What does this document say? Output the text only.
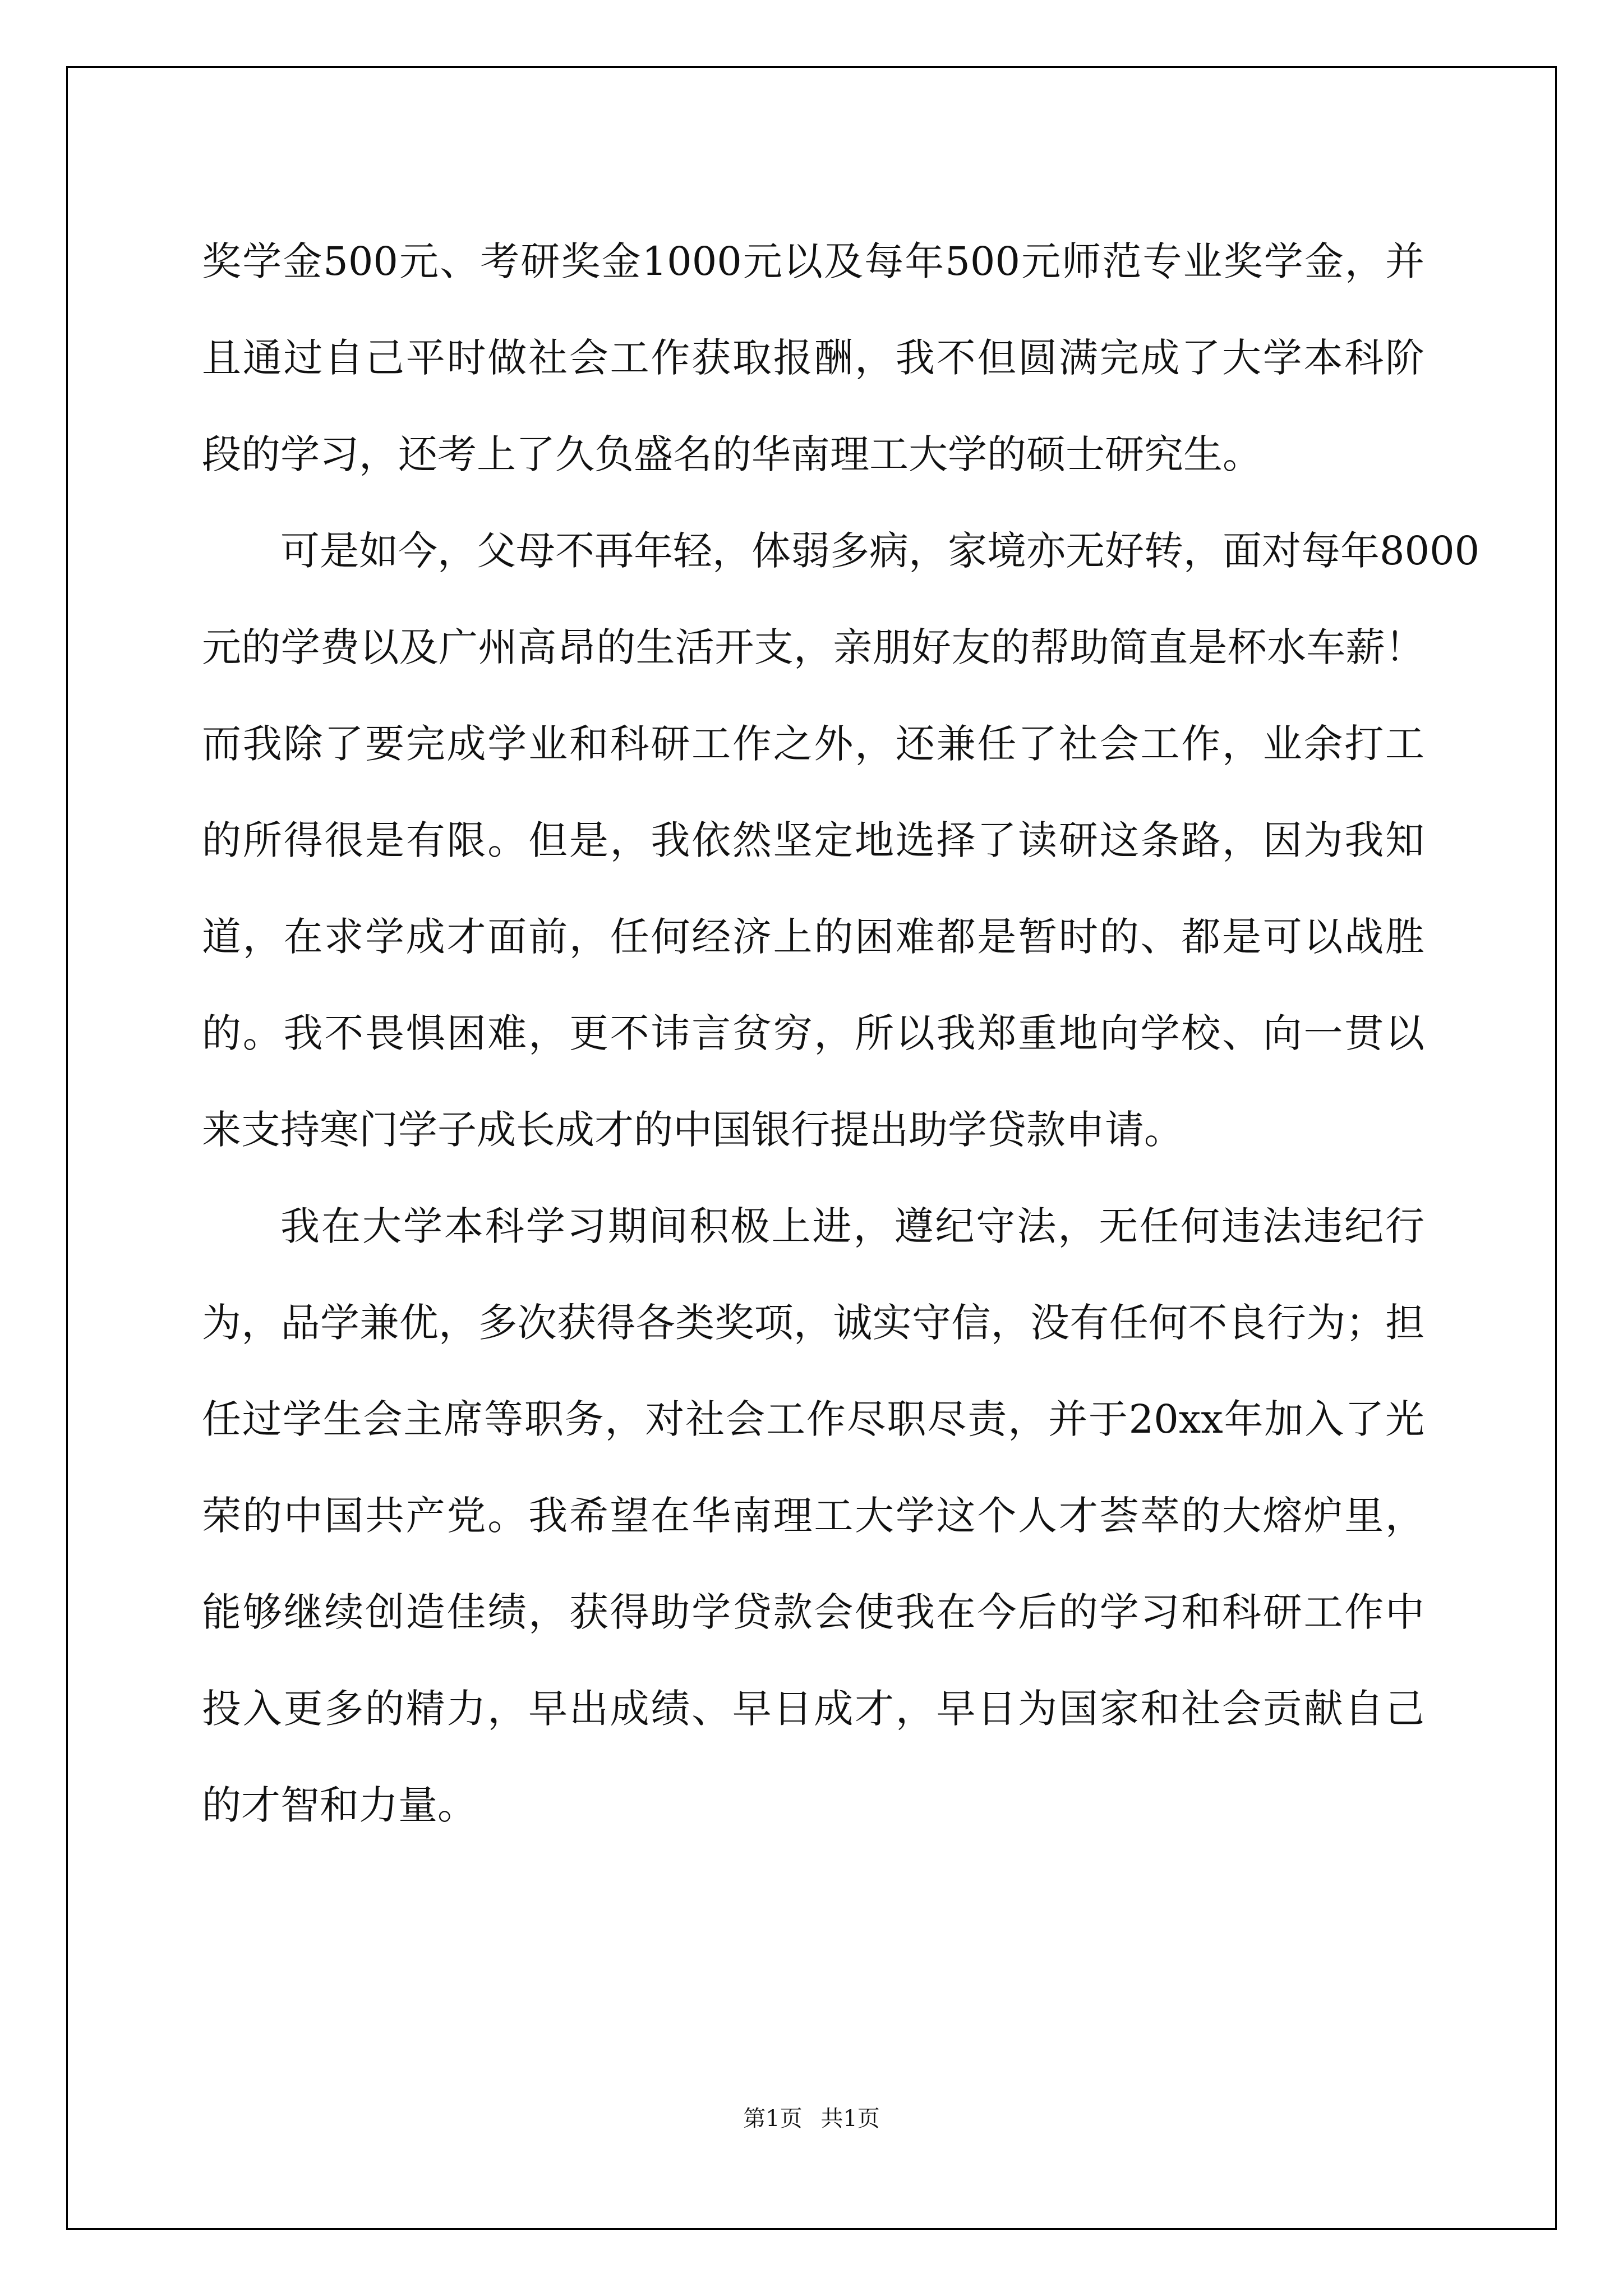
奖学金500元、考研奖金1000元以及每年500元师范专业奖学金，并
且通过自己平时做社会工作获取报酬，我不但圆满完成了大学本科阶
段的学习，还考上了久负盛名的华南理工大学的硕士研究生。
可是如今，父母不再年轻，体弱多病，家境亦无好转，面对每年8000
元的学费以及广州高昂的生活开支，亲朋好友的帮助简直是杯水车薪！
而我除了要完成学业和科研工作之外，还兼任了社会工作，业余打工
的所得很是有限。但是，我依然坚定地选择了读研这条路，因为我知
道，在求学成才面前，任何经济上的困难都是暂时的、都是可以战胜
的。我不畏惧困难，更不讳言贫穷，所以我郑重地向学校、向一贯以
来支持寒门学子成长成才的中国银行提出助学贷款申请。
我在大学本科学习期间积极上进，遵纪守法，无任何违法违纪行
为，品学兼优，多次获得各类奖项，诚实守信，没有任何不良行为；担
任过学生会主席等职务，对社会工作尽职尽责，并于20xx年加入了光
荣的中国共产党。我希望在华南理工大学这个人才荟萃的大熔炉里，
能够继续创造佳绩，获得助学贷款会使我在今后的学习和科研工作中
投入更多的精力，早出成绩、早日成才，早日为国家和社会贡献自己
的才智和力量。
第1页 共1页
